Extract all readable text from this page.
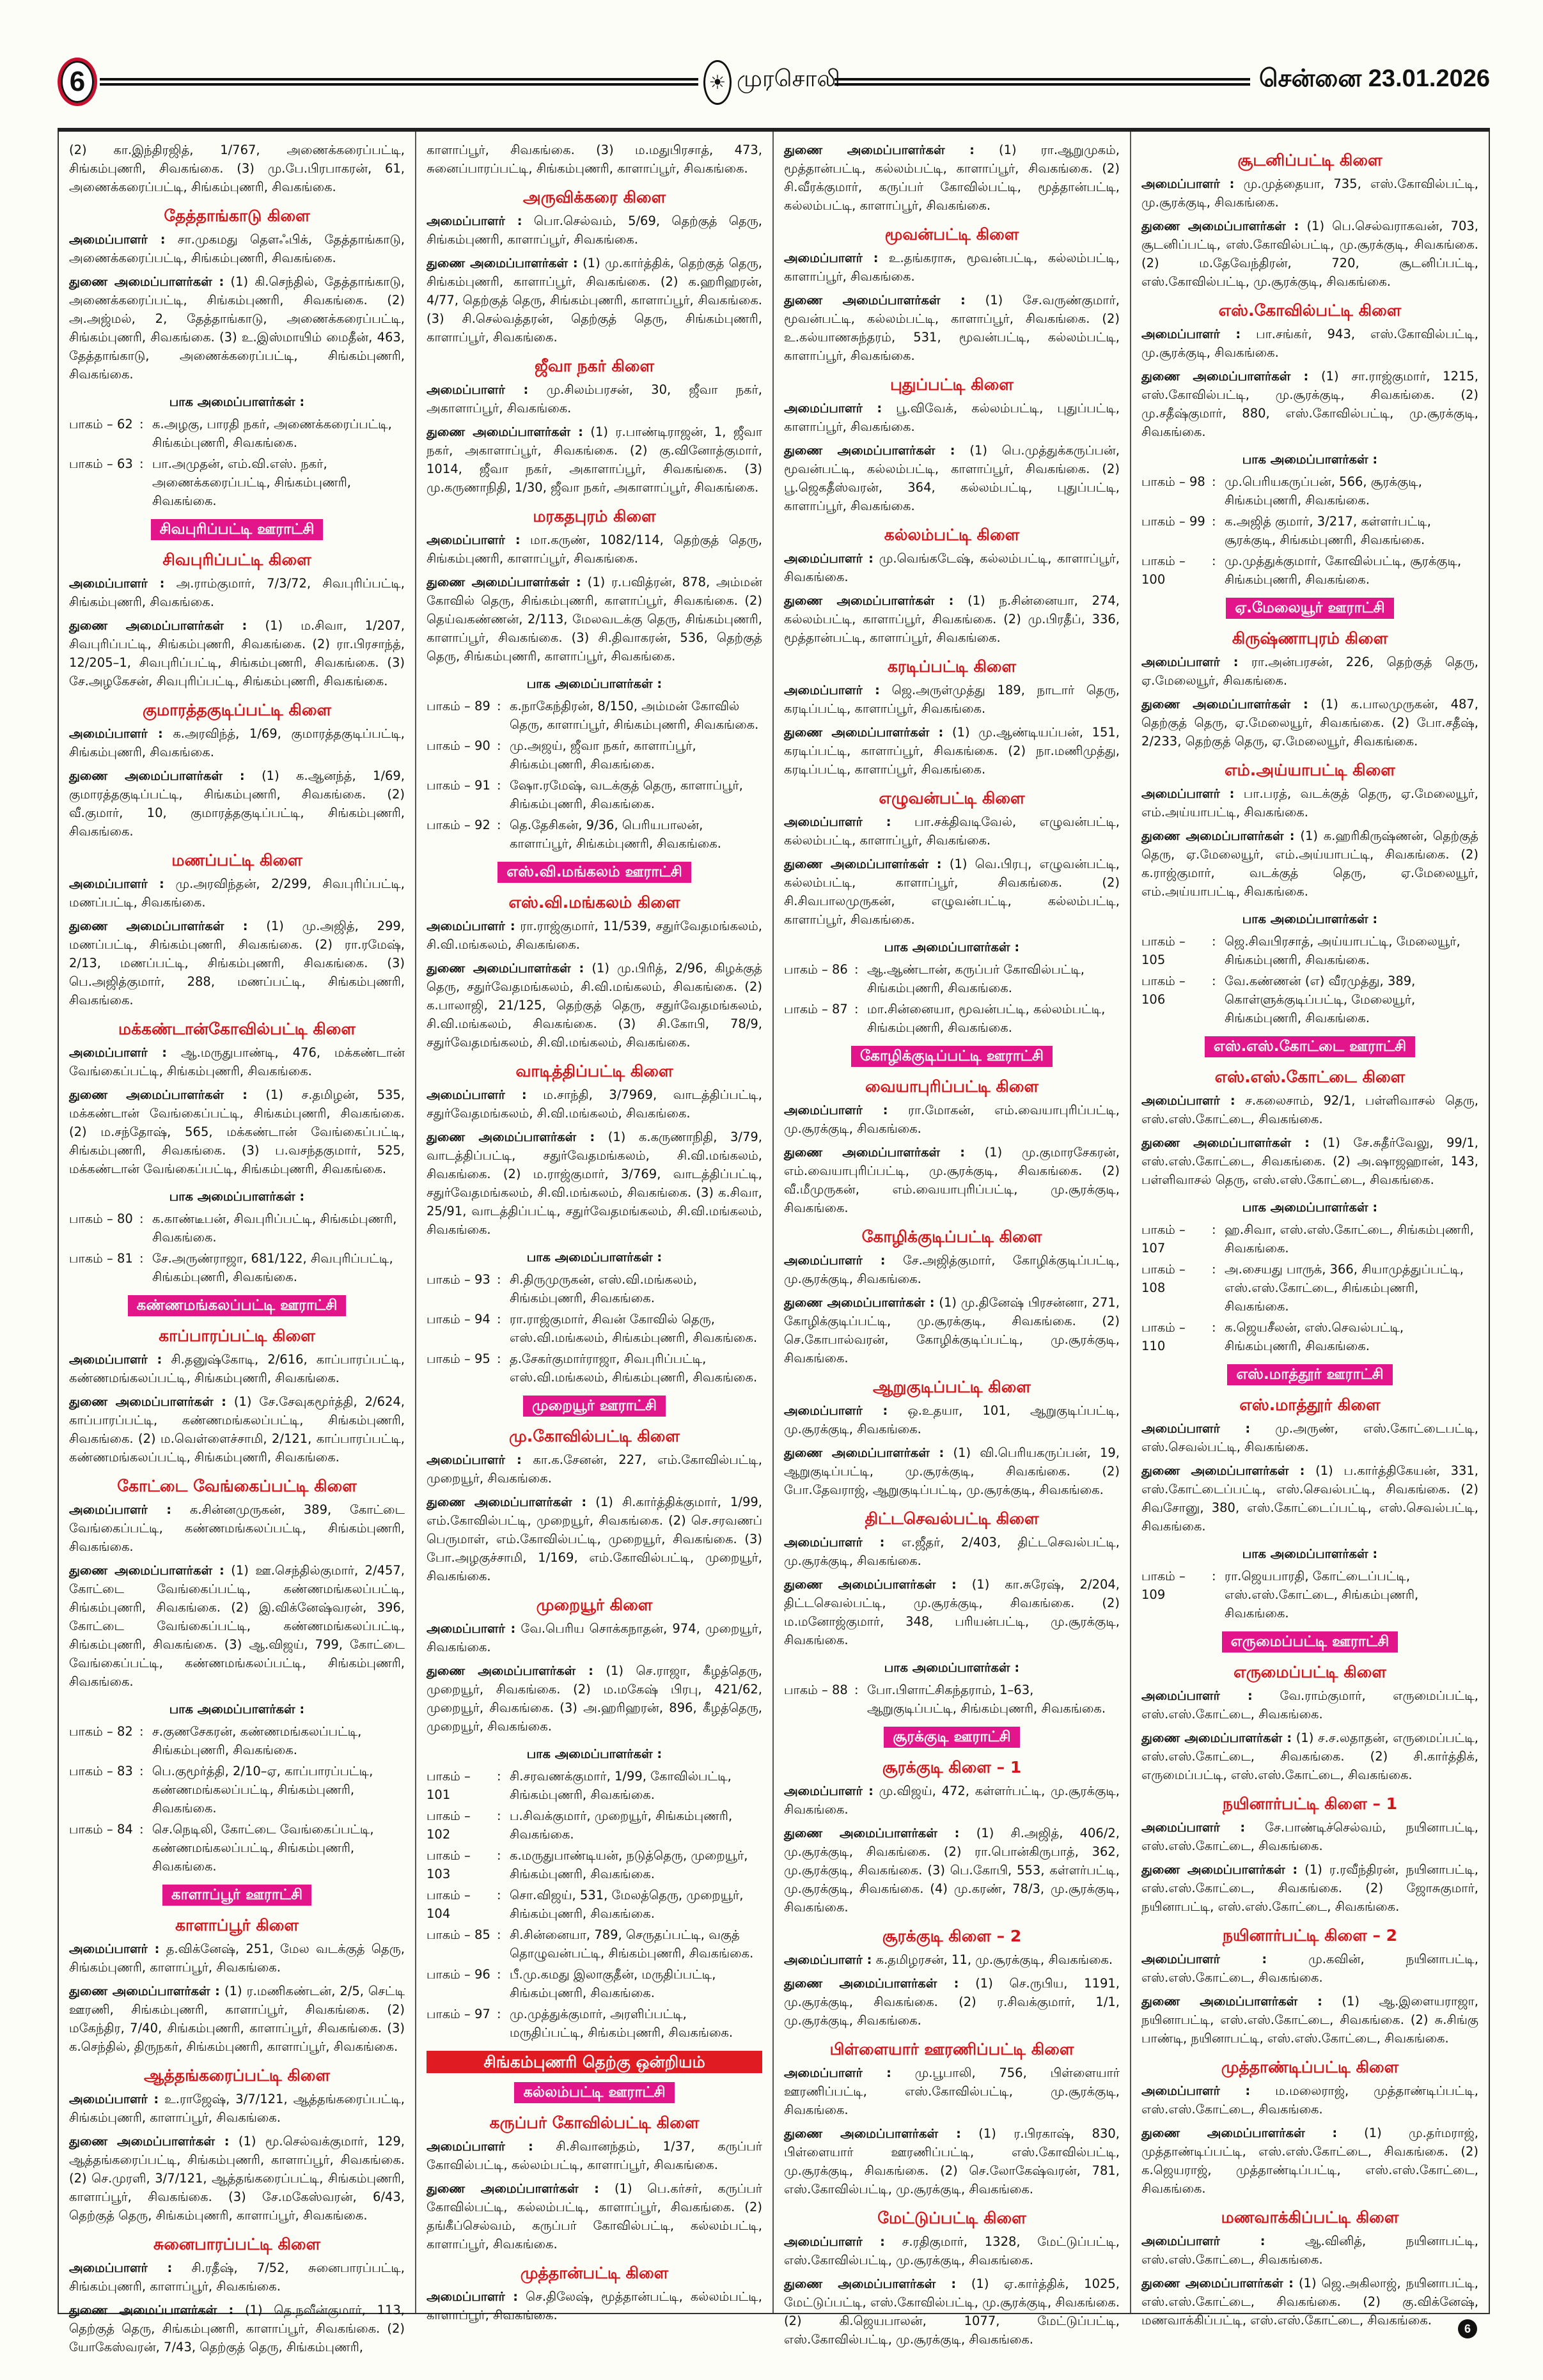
6	☀ முரசொலி	சென்னை 23.01.2026
(2) கா.இந்திரஜித், 1/767, அணைக்கரைப்பட்டி, சிங்கம்புணரி, சிவகங்கை. (3) மு.பே.பிரபாகரன், 61, அணைக்கரைப்பட்டி, சிங்கம்புணரி, சிவகங்கை.
தேத்தாங்காடு கிளை
அமைப்பாளர் : சா.முகமது தௌஃபிக், தேத்தாங்காடு, அணைக்கரைப்பட்டி, சிங்கம்புணரி, சிவகங்கை.
துணை அமைப்பாளர்கள் : (1) கி.செந்தில், தேத்தாங்காடு, அணைக்கரைப்பட்டி, சிங்கம்புணரி, சிவகங்கை. (2) அ.அஜ்மல், 2, தேத்தாங்காடு, அணைக்கரைப்பட்டி, சிங்கம்புணரி, சிவகங்கை. (3) உ.இஸ்மாயிம் மைதீன், 463, தேத்தாங்காடு, அணைக்கரைப்பட்டி, சிங்கம்புணரி, சிவகங்கை.
பாக அமைப்பாளர்கள் :
பாகம் – 62 : க.அழகு, பாரதி நகர், அணைக்கரைப்பட்டி, சிங்கம்புணரி, சிவகங்கை.
பாகம் – 63 : பா.அமுதன், எம்.வி.எஸ். நகர், அணைக்கரைப்பட்டி, சிங்கம்புணரி, சிவகங்கை.
சிவபுரிப்பட்டி ஊராட்சி
சிவபுரிப்பட்டி கிளை
அமைப்பாளர் : அ.ராம்குமார், 7/3/72, சிவபுரிப்பட்டி, சிங்கம்புணரி, சிவகங்கை.
துணை அமைப்பாளர்கள் : (1) ம.சிவா, 1/207, சிவபுரிப்பட்டி, சிங்கம்புணரி, சிவகங்கை. (2) ரா.பிரசாந்த், 12/205–1, சிவபுரிப்பட்டி, சிங்கம்புணரி, சிவகங்கை. (3) சே.அழகேசன், சிவபுரிப்பட்டி, சிங்கம்புணரி, சிவகங்கை.
குமாரத்தகுடிப்பட்டி கிளை
அமைப்பாளர் : க.அரவிந்த், 1/69, குமாரத்தகுடிப்பட்டி, சிங்கம்புணரி, சிவகங்கை.
துணை அமைப்பாளர்கள் : (1) க.ஆனந்த், 1/69, குமாரத்தகுடிப்பட்டி, சிங்கம்புணரி, சிவகங்கை. (2) வீ.குமார், 10, குமாரத்தகுடிப்பட்டி, சிங்கம்புணரி, சிவகங்கை.
மணப்பட்டி கிளை
அமைப்பாளர் : மு.அரவிந்தன், 2/299, சிவபுரிப்பட்டி, மணப்பட்டி, சிவகங்கை.
துணை அமைப்பாளர்கள் : (1) மு.அஜித், 299, மணப்பட்டி, சிங்கம்புணரி, சிவகங்கை. (2) ரா.ரமேஷ், 2/13, மணப்பட்டி, சிங்கம்புணரி, சிவகங்கை. (3) பெ.அஜித்குமார், 288, மணப்பட்டி, சிங்கம்புணரி, சிவகங்கை.
மக்கண்டான்கோவில்பட்டி கிளை
அமைப்பாளர் : ஆ.மருதுபாண்டி, 476, மக்கண்டான் வேங்கைப்பட்டி, சிங்கம்புணரி, சிவகங்கை.
துணை அமைப்பாளர்கள் : (1) ச.தமிழன், 535, மக்கண்டான் வேங்கைப்பட்டி, சிங்கம்புணரி, சிவகங்கை. (2) ம.சந்தோஷ், 565, மக்கண்டான் வேங்கைப்பட்டி, சிங்கம்புணரி, சிவகங்கை. (3) ப.வசந்தகுமார், 525, மக்கண்டான் வேங்கைப்பட்டி, சிங்கம்புணரி, சிவகங்கை.
பாக அமைப்பாளர்கள் :
பாகம் – 80 : க.காண்டீபன், சிவபுரிப்பட்டி, சிங்கம்புணரி, சிவகங்கை.
பாகம் – 81 : சே.அருண்ராஜா, 681/122, சிவபுரிப்பட்டி, சிங்கம்புணரி, சிவகங்கை.
கண்ணமங்கலப்பட்டி ஊராட்சி
காப்பாரப்பட்டி கிளை
அமைப்பாளர் : சி.தனுஷ்கோடி, 2/616, காப்பாரப்பட்டி, கண்ணமங்கலப்பட்டி, சிங்கம்புணரி, சிவகங்கை.
துணை அமைப்பாளர்கள் : (1) சே.சேவுகமூர்த்தி, 2/624, காப்பாரப்பட்டி, கண்ணமங்கலப்பட்டி, சிங்கம்புணரி, சிவகங்கை. (2) ம.வெள்ளைச்சாமி, 2/121, காப்பாரப்பட்டி, கண்ணமங்கலப்பட்டி, சிங்கம்புணரி, சிவகங்கை.
கோட்டை வேங்கைப்பட்டி கிளை
அமைப்பாளர் : க.சின்னமுருகன், 389, கோட்டை வேங்கைப்பட்டி, கண்ணமங்கலப்பட்டி, சிங்கம்புணரி, சிவகங்கை.
துணை அமைப்பாளர்கள் : (1) ஊ.செந்தில்குமார், 2/457, கோட்டை வேங்கைப்பட்டி, கண்ணமங்கலப்பட்டி, சிங்கம்புணரி, சிவகங்கை. (2) இ.விக்னேஷ்வரன், 396, கோட்டை வேங்கைப்பட்டி, கண்ணமங்கலப்பட்டி, சிங்கம்புணரி, சிவகங்கை. (3) ஆ.விஜய், 799, கோட்டை வேங்கைப்பட்டி, கண்ணமங்கலப்பட்டி, சிங்கம்புணரி, சிவகங்கை.
பாக அமைப்பாளர்கள் :
பாகம் – 82 : ச.குணசேகரன், கண்ணமங்கலப்பட்டி, சிங்கம்புணரி, சிவகங்கை.
பாகம் – 83 : பெ.குமூர்த்தி, 2/10–ஏ, காப்பாரப்பட்டி, கண்ணமங்கலப்பட்டி, சிங்கம்புணரி, சிவகங்கை.
பாகம் – 84 : செ.நெடிலி, கோட்டை வேங்கைப்பட்டி, கண்ணமங்கலப்பட்டி, சிங்கம்புணரி, சிவகங்கை.
காளாப்பூர் ஊராட்சி
காளாப்பூர் கிளை
அமைப்பாளர் : த.விக்னேஷ், 251, மேல வடக்குத் தெரு, சிங்கம்புணரி, காளாப்பூர், சிவகங்கை.
துணை அமைப்பாளர்கள் : (1) ர.மணிகண்டன், 2/5, செட்டி ஊரணி, சிங்கம்புணரி, காளாப்பூர், சிவகங்கை. (2) மகேந்திர, 7/40, சிங்கம்புணரி, காளாப்பூர், சிவகங்கை. (3) க.செந்தில், திருநகர், சிங்கம்புணரி, காளாப்பூர், சிவகங்கை.
ஆத்தங்கரைப்பட்டி கிளை
அமைப்பாளர் : உ.ராஜேஷ், 3/7/121, ஆத்தங்கரைப்பட்டி, சிங்கம்புணரி, காளாப்பூர், சிவகங்கை.
துணை அமைப்பாளர்கள் : (1) மூ.செல்வக்குமார், 129, ஆத்தங்கரைப்பட்டி, சிங்கம்புணரி, காளாப்பூர், சிவகங்கை. (2) செ.முரளி, 3/7/121, ஆத்தங்கரைப்பட்டி, சிங்கம்புணரி, காளாப்பூர், சிவகங்கை. (3) சே.மகேஸ்வரன், 6/43, தெற்குத் தெரு, சிங்கம்புணரி, காளாப்பூர், சிவகங்கை.
சுனைபாரப்பட்டி கிளை
அமைப்பாளர் : சி.ரதீஷ், 7/52, சுனைபாரப்பட்டி, சிங்கம்புணரி, காளாப்பூர், சிவகங்கை.
துணை அமைப்பாளர்கள் : (1) தெ.நவீன்குமார், 113, தெற்குத் தெரு, சிங்கம்புணரி, காளாப்பூர், சிவகங்கை. (2) யோகேஸ்வரன், 7/43, தெற்குத் தெரு, சிங்கம்புணரி,
காளாப்பூர், சிவகங்கை. (3) ம.மதுபிரசாத், 473, சுனைப்பாரப்பட்டி, சிங்கம்புணரி, காளாப்பூர், சிவகங்கை.
அருவிக்கரை கிளை
அமைப்பாளர் : பொ.செல்வம், 5/69, தெற்குத் தெரு, சிங்கம்புணரி, காளாப்பூர், சிவகங்கை.
துணை அமைப்பாளர்கள் : (1) மு.கார்த்திக், தெற்குத் தெரு, சிங்கம்புணரி, காளாப்பூர், சிவகங்கை. (2) க.ஹரிஹரன், 4/77, தெற்குத் தெரு, சிங்கம்புணரி, காளாப்பூர், சிவகங்கை. (3) சி.செல்வத்தரன், தெற்குத் தெரு, சிங்கம்புணரி, காளாப்பூர், சிவகங்கை.
ஜீவா நகர் கிளை
அமைப்பாளர் : மு.சிலம்பரசன், 30, ஜீவா நகர், அகாளாப்பூர், சிவகங்கை.
துணை அமைப்பாளர்கள் : (1) ர.பாண்டிராஜன், 1, ஜீவா நகர், அகாளாப்பூர், சிவகங்கை. (2) கு.வினோத்குமார், 1014, ஜீவா நகர், அகாளாப்பூர், சிவகங்கை. (3) மு.கருணாநிதி, 1/30, ஜீவா நகர், அகாளாப்பூர், சிவகங்கை.
மரகதபுரம் கிளை
அமைப்பாளர் : மா.கருண், 1082/114, தெற்குத் தெரு, சிங்கம்புணரி, காளாப்பூர், சிவகங்கை.
துணை அமைப்பாளர்கள் : (1) ர.பவித்ரன், 878, அம்மன் கோவில் தெரு, சிங்கம்புணரி, காளாப்பூர், சிவகங்கை. (2) தெய்வகண்ணன், 2/113, மேலவடக்கு தெரு, சிங்கம்புணரி, காளாப்பூர், சிவகங்கை. (3) சி.திவாகரன், 536, தெற்குத் தெரு, சிங்கம்புணரி, காளாப்பூர், சிவகங்கை.
பாக அமைப்பாளர்கள் :
பாகம் – 89 : க.நாகேந்திரன், 8/150, அம்மன் கோவில் தெரு, காளாப்பூர், சிங்கம்புணரி, சிவகங்கை.
பாகம் – 90 : மு.அஜய், ஜீவா நகர், காளாப்பூர், சிங்கம்புணரி, சிவகங்கை.
பாகம் – 91 : ஷோ.ரமேஷ், வடக்குத் தெரு, காளாப்பூர், சிங்கம்புணரி, சிவகங்கை.
பாகம் – 92 : தெ.தேசிகன், 9/36, பெரியபாலன், காளாப்பூர், சிங்கம்புணரி, சிவகங்கை.
எஸ்.வி.மங்கலம் ஊராட்சி
எஸ்.வி.மங்கலம் கிளை
அமைப்பாளர் : ரா.ராஜ்குமார், 11/539, சதுர்வேதமங்கலம், சி.வி.மங்கலம், சிவகங்கை.
துணை அமைப்பாளர்கள் : (1) மு.பிரித், 2/96, கிழக்குத் தெரு, சதுர்வேதமங்கலம், சி.வி.மங்கலம், சிவகங்கை. (2) க.பாலாஜி, 21/125, தெற்குத் தெரு, சதுர்வேதமங்கலம், சி.வி.மங்கலம், சிவகங்கை. (3) சி.கோபி, 78/9, சதுர்வேதமங்கலம், சி.வி.மங்கலம், சிவகங்கை.
வாடித்திப்பட்டி கிளை
அமைப்பாளர் : ம.சாந்தி, 3/7969, வாடத்திப்பட்டி, சதுர்வேதமங்கலம், சி.வி.மங்கலம், சிவகங்கை.
துணை அமைப்பாளர்கள் : (1) க.கருணாநிதி, 3/79, வாடத்திப்பட்டி, சதுர்வேதமங்கலம், சி.வி.மங்கலம், சிவகங்கை. (2) ம.ராஜ்குமார், 3/769, வாடத்திப்பட்டி, சதுர்வேதமங்கலம், சி.வி.மங்கலம், சிவகங்கை. (3) க.சிவா, 25/91, வாடத்திப்பட்டி, சதுர்வேதமங்கலம், சி.வி.மங்கலம், சிவகங்கை.
பாக அமைப்பாளர்கள் :
பாகம் – 93 : சி.திருமுருகன், எஸ்.வி.மங்கலம், சிங்கம்புணரி, சிவகங்கை.
பாகம் – 94 : ரா.ராஜ்குமார், சிவன் கோவில் தெரு, எஸ்.வி.மங்கலம், சிங்கம்புணரி, சிவகங்கை.
பாகம் – 95 : த.சேகர்குமார்ராஜா, சிவபுரிப்பட்டி, எஸ்.வி.மங்கலம், சிங்கம்புணரி, சிவகங்கை.
முறையூர் ஊராட்சி
மு.கோவில்பட்டி கிளை
அமைப்பாளர் : கா.க.சேனன், 227, எம்.கோவில்பட்டி, முறையூர், சிவகங்கை.
துணை அமைப்பாளர்கள் : (1) சி.கார்த்திக்குமார், 1/99, எம்.கோவில்பட்டி, முறையூர், சிவகங்கை. (2) செ.சரவணப் பெருமாள், எம்.கோவில்பட்டி, முறையூர், சிவகங்கை. (3) போ.அழகுச்சாமி, 1/169, எம்.கோவில்பட்டி, முறையூர், சிவகங்கை.
முறையூர் கிளை
அமைப்பாளர் : வே.பெரிய சொக்கநாதன், 974, முறையூர், சிவகங்கை.
துணை அமைப்பாளர்கள் : (1) செ.ராஜா, கீழத்தெரு, முறையூர், சிவகங்கை. (2) ம.மகேஷ் பிரபு, 421/62, முறையூர், சிவகங்கை. (3) அ.ஹரிஹரன், 896, கீழத்தெரு, முறையூர், சிவகங்கை.
பாக அமைப்பாளர்கள் :
பாகம் – 101
: சி.சரவணக்குமார், 1/99, கோவில்பட்டி, சிங்கம்புணரி, சிவகங்கை.
பாகம் – 102
: ப.சிவக்குமார், முறையூர், சிங்கம்புணரி, சிவகங்கை.
பாகம் – 103
: க.மருதுபாண்டியன், நடுத்தெரு, முறையூர், சிங்கம்புணரி, சிவகங்கை.
பாகம் – 104
: சொ.விஜய், 531, மேலத்தெரு, முறையூர், சிங்கம்புணரி, சிவகங்கை.
பாகம் – 85 : சி.சின்னையா, 789, செருதப்பட்டி, வகுத் தொழுவன்பட்டி, சிங்கம்புணரி, சிவகங்கை.
பாகம் – 96 : பீ.மு.கமது இலாகுதீன், மருதிப்பட்டி, சிங்கம்புணரி, சிவகங்கை.
பாகம் – 97 : மு.முத்துக்குமார், அரளிப்பட்டி, மருதிப்பட்டி, சிங்கம்புணரி, சிவகங்கை.
சிங்கம்புணரி தெற்கு ஒன்றியம்
கல்லம்பட்டி ஊராட்சி
கருப்பர் கோவில்பட்டி கிளை
அமைப்பாளர் : சி.சிவானந்தம், 1/37, கருப்பர் கோவில்பட்டி, கல்லம்பட்டி, காளாப்பூர், சிவகங்கை.
துணை அமைப்பாளர்கள் : (1) பெ.கர்சர், கருப்பர் கோவில்பட்டி, கல்லம்பட்டி, காளாப்பூர், சிவகங்கை. (2) தங்கீப்செல்வம், கருப்பர் கோவில்பட்டி, கல்லம்பட்டி, காளாப்பூர், சிவகங்கை.
முத்தான்பட்டி கிளை
அமைப்பாளர் : செ.திலேஷ், மூத்தான்பட்டி, கல்லம்பட்டி, காளாப்பூர், சிவகங்கை.
துணை அமைப்பாளர்கள் : (1) ரா.ஆறுமுகம், மூத்தான்பட்டி, கல்லம்பட்டி, காளாப்பூர், சிவகங்கை. (2) சி.வீரக்குமார், கருப்பர் கோவில்பட்டி, மூத்தான்பட்டி, கல்லம்பட்டி, காளாப்பூர், சிவகங்கை.
மூவன்பட்டி கிளை
அமைப்பாளர் : உ.தங்கராசு, மூவன்பட்டி, கல்லம்பட்டி, காளாப்பூர், சிவகங்கை.
துணை அமைப்பாளர்கள் : (1) சே.வருண்குமார், மூவன்பட்டி, கல்லம்பட்டி, காளாப்பூர், சிவகங்கை. (2) உ.கல்யாணசுந்தரம், 531, மூவன்பட்டி, கல்லம்பட்டி, காளாப்பூர், சிவகங்கை.
புதுப்பட்டி கிளை
அமைப்பாளர் : பூ.விவேக், கல்லம்பட்டி, புதுப்பட்டி, காளாப்பூர், சிவகங்கை.
துணை அமைப்பாளர்கள் : (1) பெ.முத்துக்கருப்பன், மூவன்பட்டி, கல்லம்பட்டி, காளாப்பூர், சிவகங்கை. (2) பூ.ஜெகதீஸ்வரன், 364, கல்லம்பட்டி, புதுப்பட்டி, காளாப்பூர், சிவகங்கை.
கல்லம்பட்டி கிளை
அமைப்பாளர் : மு.வெங்கடேஷ், கல்லம்பட்டி, காளாப்பூர், சிவகங்கை.
துணை அமைப்பாளர்கள் : (1) ந.சின்னையா, 274, கல்லம்பட்டி, காளாப்பூர், சிவகங்கை. (2) மு.பிரதீப், 336, மூத்தான்பட்டி, காளாப்பூர், சிவகங்கை.
கரடிப்பட்டி கிளை
அமைப்பாளர் : ஜெ.அருள்முத்து 189, நாடார் தெரு, கரடிப்பட்டி, காளாப்பூர், சிவகங்கை.
துணை அமைப்பாளர்கள் : (1) மு.ஆண்டியப்பன், 151, கரடிப்பட்டி, காளாப்பூர், சிவகங்கை. (2) நா.மணிமுத்து, கரடிப்பட்டி, காளாப்பூர், சிவகங்கை.
எழுவன்பட்டி கிளை
அமைப்பாளர் : பா.சக்திவடிவேல், எழுவன்பட்டி, கல்லம்பட்டி, காளாப்பூர், சிவகங்கை.
துணை அமைப்பாளர்கள் : (1) வெ.பிரபு, எழுவன்பட்டி, கல்லம்பட்டி, காளாப்பூர், சிவகங்கை. (2) சி.சிவபாலமுருகன், எழுவன்பட்டி, கல்லம்பட்டி, காளாப்பூர், சிவகங்கை.
பாக அமைப்பாளர்கள் :
பாகம் – 86 : ஆ.ஆண்டான், கருப்பர் கோவில்பட்டி, சிங்கம்புணரி, சிவகங்கை.
பாகம் – 87 : மா.சின்னையா, மூவன்பட்டி, கல்லம்பட்டி, சிங்கம்புணரி, சிவகங்கை.
கோழிக்குடிப்பட்டி ஊராட்சி
வையாபுரிப்பட்டி கிளை
அமைப்பாளர் : ரா.மோகன், எம்.வையாபுரிப்பட்டி, மு.சூரக்குடி, சிவகங்கை.
துணை அமைப்பாளர்கள் : (1) மு.குமாரசேகரன், எம்.வையாபுரிப்பட்டி, மு.சூரக்குடி, சிவகங்கை. (2) வீ.மீமுருகன், எம்.வையாபுரிப்பட்டி, மு.சூரக்குடி, சிவகங்கை.
கோழிக்குடிப்பட்டி கிளை
அமைப்பாளர் : சே.அஜித்குமார், கோழிக்குடிப்பட்டி, மு.சூரக்குடி, சிவகங்கை.
துணை அமைப்பாளர்கள் : (1) மு.தினேஷ் பிரசன்னா, 271, கோழிக்குடிப்பட்டி, மு.சூரக்குடி, சிவகங்கை. (2) செ.கோபால்வரன், கோழிக்குடிப்பட்டி, மு.சூரக்குடி, சிவகங்கை.
ஆறுகுடிப்பட்டி கிளை
அமைப்பாளர் : ஒ.உதயா, 101, ஆறுகுடிப்பட்டி, மு.சூரக்குடி, சிவகங்கை.
துணை அமைப்பாளர்கள் : (1) வி.பெரியகருப்பன், 19, ஆறுகுடிப்பட்டி, மு.சூரக்குடி, சிவகங்கை. (2) போ.தேவராஜ், ஆறுகுடிப்பட்டி, மு.சூரக்குடி, சிவகங்கை.
திட்டசெவல்பட்டி கிளை
அமைப்பாளர் : எ.ஜீதர், 2/403, திட்டசெவல்பட்டி, மு.சூரக்குடி, சிவகங்கை.
துணை அமைப்பாளர்கள் : (1) கா.சுரேஷ், 2/204, திட்டசெவல்பட்டி, மு.சூரக்குடி, சிவகங்கை. (2) ம.மனோஜ்குமார், 348, பரியன்பட்டி, மு.சூரக்குடி, சிவகங்கை.
பாக அமைப்பாளர்கள் :
பாகம் – 88 : போ.பிளாட்சிகந்தராம், 1–63, ஆறுகுடிப்பட்டி, சிங்கம்புணரி, சிவகங்கை.
சூரக்குடி ஊராட்சி
சூரக்குடி கிளை – 1
அமைப்பாளர் : மு.விஜய், 472, கள்ளர்பட்டி, மு.சூரக்குடி, சிவகங்கை.
துணை அமைப்பாளர்கள் : (1) சி.அஜித், 406/2, மு.சூரக்குடி, சிவகங்கை. (2) ரா.பொன்கிருபாத், 362, மு.சூரக்குடி, சிவகங்கை. (3) பெ.கோபி, 553, கள்ளர்பட்டி, மு.சூரக்குடி, சிவகங்கை. (4) மு.கரண், 78/3, மு.சூரக்குடி, சிவகங்கை.
சூரக்குடி கிளை – 2
அமைப்பாளர் : க.தமிழரசன், 11, மு.சூரக்குடி, சிவகங்கை.
துணை அமைப்பாளர்கள் : (1) செ.ருபிய, 1191, மு.சூரக்குடி, சிவகங்கை. (2) ர.சிவக்குமார், 1/1, மு.சூரக்குடி, சிவகங்கை.
பிள்ளையார் ஊரணிப்பட்டி கிளை
அமைப்பாளர் : மு.பூபாலி, 756, பிள்ளையார் ஊரணிப்பட்டி, எஸ்.கோவில்பட்டி, மு.சூரக்குடி, சிவகங்கை.
துணை அமைப்பாளர்கள் : (1) ர.பிரகாஷ், 830, பிள்ளையார் ஊரணிப்பட்டி, எஸ்.கோவில்பட்டி, மு.சூரக்குடி, சிவகங்கை. (2) செ.லோகேஷ்வரன், 781, எஸ்.கோவில்பட்டி, மு.சூரக்குடி, சிவகங்கை.
மேட்டுப்பட்டி கிளை
அமைப்பாளர் : ச.ரதிகுமார், 1328, மேட்டுப்பட்டி, எஸ்.கோவில்பட்டி, மு.சூரக்குடி, சிவகங்கை.
துணை அமைப்பாளர்கள் : (1) ஏ.கார்த்திக், 1025, மேட்டுப்பட்டி, எஸ்.கோவில்பட்டி, மு.சூரக்குடி, சிவகங்கை. (2) கி.ஜெயபாலன், 1077, மேட்டுப்பட்டி, எஸ்.கோவில்பட்டி, மு.சூரக்குடி, சிவகங்கை.
சூடனிப்பட்டி கிளை
அமைப்பாளர் : மு.முத்தையா, 735, எஸ்.கோவில்பட்டி, மு.சூரக்குடி, சிவகங்கை.
துணை அமைப்பாளர்கள் : (1) பெ.செல்வராகவன், 703, சூடனிப்பட்டி, எஸ்.கோவில்பட்டி, மு.சூரக்குடி, சிவகங்கை. (2) ம.தேவேந்திரன், 720, சூடனிப்பட்டி, எஸ்.கோவில்பட்டி, மு.சூரக்குடி, சிவகங்கை.
எஸ்.கோவில்பட்டி கிளை
அமைப்பாளர் : பா.சங்கர், 943, எஸ்.கோவில்பட்டி, மு.சூரக்குடி, சிவகங்கை.
துணை அமைப்பாளர்கள் : (1) சா.ராஜ்குமார், 1215, எஸ்.கோவில்பட்டி, மு.சூரக்குடி, சிவகங்கை. (2) மு.சதீஷ்குமார், 880, எஸ்.கோவில்பட்டி, மு.சூரக்குடி, சிவகங்கை.
பாக அமைப்பாளர்கள் :
பாகம் – 98 : மு.பெரியகருப்பன், 566, சூரக்குடி, சிங்கம்புணரி, சிவகங்கை.
பாகம் – 99 : க.அஜித் குமார், 3/217, கள்ளர்பட்டி, சூரக்குடி, சிங்கம்புணரி, சிவகங்கை.
பாகம் – 100
: மு.முத்துக்குமார், கோவில்பட்டி, சூரக்குடி, சிங்கம்புணரி, சிவகங்கை.
ஏ.மேலையூர் ஊராட்சி
கிருஷ்ணாபுரம் கிளை
அமைப்பாளர் : ரா.அன்பரசன், 226, தெற்குத் தெரு, ஏ.மேலையூர், சிவகங்கை.
துணை அமைப்பாளர்கள் : (1) க.பாலமுருகன், 487, தெற்குத் தெரு, ஏ.மேலையூர், சிவகங்கை. (2) போ.சதீஷ், 2/233, தெற்குத் தெரு, ஏ.மேலையூர், சிவகங்கை.
எம்.அய்யாபட்டி கிளை
அமைப்பாளர் : பா.பரத், வடக்குத் தெரு, ஏ.மேலையூர், எம்.அய்யாபட்டி, சிவகங்கை.
துணை அமைப்பாளர்கள் : (1) க.ஹரிகிருஷ்ணன், தெற்குத் தெரு, ஏ.மேலையூர், எம்.அய்யாபட்டி, சிவகங்கை. (2) க.ராஜ்குமார், வடக்குத் தெரு, ஏ.மேலையூர், எம்.அய்யாபட்டி, சிவகங்கை.
பாக அமைப்பாளர்கள் :
பாகம் – 105
: ஜெ.சிவபிரசாத், அய்யாபட்டி, மேலையூர், சிங்கம்புணரி, சிவகங்கை.
பாகம் – 106
: வே.கண்ணன் (எ) வீரமுத்து, 389, கொள்ளுக்குடிப்பட்டி, மேலையூர், சிங்கம்புணரி, சிவகங்கை.
எஸ்.எஸ்.கோட்டை ஊராட்சி
எஸ்.எஸ்.கோட்டை கிளை
அமைப்பாளர் : ச.கலைசாம், 92/1, பள்ளிவாசல் தெரு, எஸ்.எஸ்.கோட்டை, சிவகங்கை.
துணை அமைப்பாளர்கள் : (1) சே.சுதீர்வேலு, 99/1, எஸ்.எஸ்.கோட்டை, சிவகங்கை. (2) அ.ஷாஜஹான், 143, பள்ளிவாசல் தெரு, எஸ்.எஸ்.கோட்டை, சிவகங்கை.
பாக அமைப்பாளர்கள் :
பாகம் – 107
: ஹ.சிவா, எஸ்.எஸ்.கோட்டை, சிங்கம்புணரி, சிவகங்கை.
பாகம் – 108
: அ.சையது பாருக், 366, சியாமுத்துப்பட்டி, எஸ்.எஸ்.கோட்டை, சிங்கம்புணரி, சிவகங்கை.
பாகம் – 110
: க.ஜெயசீலன், எஸ்.செவல்பட்டி, சிங்கம்புணரி, சிவகங்கை.
எஸ்.மாத்தூர் ஊராட்சி
எஸ்.மாத்தூர் கிளை
அமைப்பாளர் : மு.அருண், எஸ்.கோட்டைபட்டி, எஸ்.செவல்பட்டி, சிவகங்கை.
துணை அமைப்பாளர்கள் : (1) ப.கார்த்திகேயன், 331, எஸ்.கோட்டைப்பட்டி, எஸ்.செவல்பட்டி, சிவகங்கை. (2) சிவசோனு, 380, எஸ்.கோட்டைப்பட்டி, எஸ்.செவல்பட்டி, சிவகங்கை.
பாக அமைப்பாளர்கள் :
பாகம் – 109
: ரா.ஜெயபாரதி, கோட்டைப்பட்டி, எஸ்.எஸ்.கோட்டை, சிங்கம்புணரி, சிவகங்கை.
எருமைப்பட்டி ஊராட்சி
எருமைப்பட்டி கிளை
அமைப்பாளர் : வே.ராம்குமார், எருமைப்பட்டி, எஸ்.எஸ்.கோட்டை, சிவகங்கை.
துணை அமைப்பாளர்கள் : (1) ச.ச.லதாதன், எருமைப்பட்டி, எஸ்.எஸ்.கோட்டை, சிவகங்கை. (2) சி.கார்த்திக், எருமைப்பட்டி, எஸ்.எஸ்.கோட்டை, சிவகங்கை.
நயினார்பட்டி கிளை – 1
அமைப்பாளர் : சே.பாண்டிச்செல்வம், நயினாபட்டி, எஸ்.எஸ்.கோட்டை, சிவகங்கை.
துணை அமைப்பாளர்கள் : (1) ர.ரவீந்திரன், நயினாபட்டி, எஸ்.எஸ்.கோட்டை, சிவகங்கை. (2) ஜோசுகுமார், நயினாபட்டி, எஸ்.எஸ்.கோட்டை, சிவகங்கை.
நயினார்பட்டி கிளை – 2
அமைப்பாளர் :	மு.கவின், நயினாபட்டி, எஸ்.எஸ்.கோட்டை, சிவகங்கை.
துணை அமைப்பாளர்கள் : (1) ஆ.இளையராஜா, நயினாபட்டி, எஸ்.எஸ்.கோட்டை, சிவகங்கை. (2) சு.சிங்கு பாண்டி, நயினாபட்டி, எஸ்.எஸ்.கோட்டை, சிவகங்கை.
முத்தாண்டிப்பட்டி கிளை
அமைப்பாளர் : ம.மலைராஜ், முத்தாண்டிப்பட்டி, எஸ்.எஸ்.கோட்டை, சிவகங்கை.
துணை அமைப்பாளர்கள் : (1) மு.தர்மராஜ், முத்தாண்டிப்பட்டி, எஸ்.எஸ்.கோட்டை, சிவகங்கை. (2) க.ஜெயராஜ், முத்தாண்டிப்பட்டி, எஸ்.எஸ்.கோட்டை, சிவகங்கை.
மணவாக்கிப்பட்டி கிளை
அமைப்பாளர் :	ஆ.வினித், நயினாபட்டி, எஸ்.எஸ்.கோட்டை, சிவகங்கை.
துணை அமைப்பாளர்கள் : (1) ஜெ.அகிலாஜ், நயினாபட்டி, எஸ்.எஸ்.கோட்டை, சிவகங்கை. (2) கு.விக்னேஷ், மணவாக்கிப்பட்டி, எஸ்.எஸ்.கோட்டை, சிவகங்கை.
6
